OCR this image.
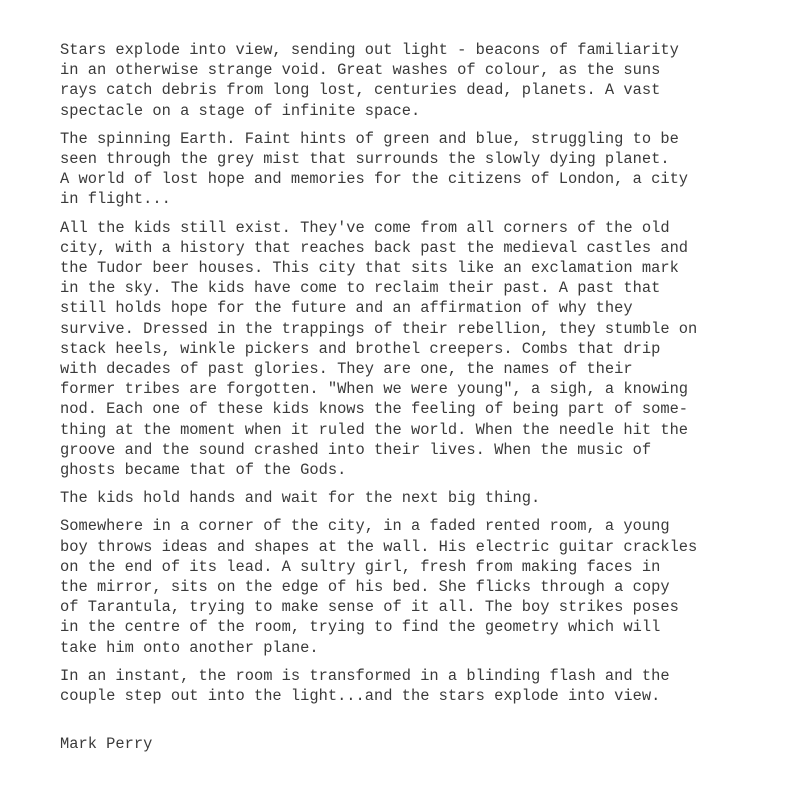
Stars explode into view, sending out light - beacons of familiarity
in an otherwise strange void. Great washes of colour, as the suns
rays catch debris from long lost, centuries dead, planets. A vast
spectacle on a stage of infinite space.

The spinning Earth. Faint hints of green and blue, struggling to be
seen through the grey mist that surrounds the slowly dying planet.
A world of lost hope and memories for the citizens of London, a city
in flight...

All the kids still exist. They've come from all corners of the old
city, with a history that reaches back past the medieval castles and
the Tudor beer houses. This city that sits like an exclamation mark
in the sky. The kids have come to reclaim their past. A past that
still holds hope for the future and an affirmation of why they
survive. Dressed in the trappings of their rebellion, they stumble on
stack heels, winkle pickers and brothel creepers. Combs that drip
with decades of past glories. They are one, the names of their
former tribes are forgotten. "When we were young", a sigh, a knowing
nod. Each one of these kids knows the feeling of being part of some-
thing at the moment when it ruled the world. When the needle hit the
groove and the sound crashed into their lives. When the music of
ghosts became that of the Gods.

The kids hold hands and wait for the next big thing.

Somewhere in a corner of the city, in a faded rented room, a young
boy throws ideas and shapes at the wall. His electric guitar crackles
on the end of its lead. A sultry girl, fresh from making faces in
the mirror, sits on the edge of his bed. She flicks through a copy
of Tarantula, trying to make sense of it all. The boy strikes poses
in the centre of the room, trying to find the geometry which will
take him onto another plane.

In an instant, the room is transformed in a blinding flash and the
couple step out into the light...and the stars explode into view.

Mark Perry
